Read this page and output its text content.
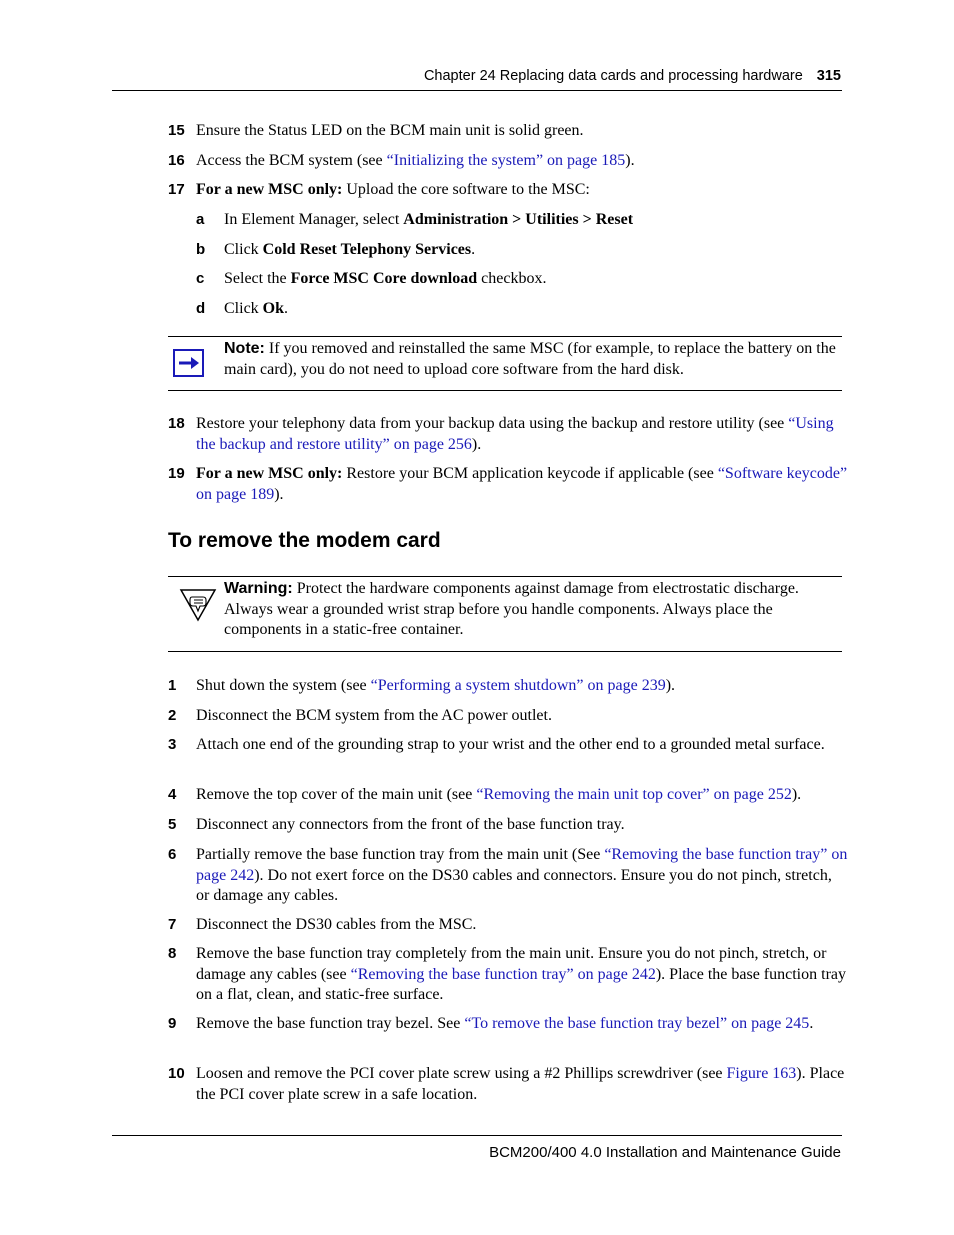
Chapter 24 Replacing data cards and processing hardware 315
15 Ensure the Status LED on the BCM main unit is solid green.
16 Access the BCM system (see “Initializing the system” on page 185).
17 For a new MSC only: Upload the core software to the MSC:
a In Element Manager, select Administration > Utilities > Reset
b Click Cold Reset Telephony Services.
c Select the Force MSC Core download checkbox.
d Click Ok.
Note: If you removed and reinstalled the same MSC (for example, to replace the battery on the main card), you do not need to upload core software from the hard disk.
18 Restore your telephony data from your backup data using the backup and restore utility (see “Using the backup and restore utility” on page 256).
19 For a new MSC only: Restore your BCM application keycode if applicable (see “Software keycode” on page 189).
To remove the modem card
Warning: Protect the hardware components against damage from electrostatic discharge. Always wear a grounded wrist strap before you handle components. Always place the components in a static-free container.
1 Shut down the system (see “Performing a system shutdown” on page 239).
2 Disconnect the BCM system from the AC power outlet.
3 Attach one end of the grounding strap to your wrist and the other end to a grounded metal surface.
4 Remove the top cover of the main unit (see “Removing the main unit top cover” on page 252).
5 Disconnect any connectors from the front of the base function tray.
6 Partially remove the base function tray from the main unit (See “Removing the base function tray” on page 242). Do not exert force on the DS30 cables and connectors. Ensure you do not pinch, stretch, or damage any cables.
7 Disconnect the DS30 cables from the MSC.
8 Remove the base function tray completely from the main unit. Ensure you do not pinch, stretch, or damage any cables (see “Removing the base function tray” on page 242). Place the base function tray on a flat, clean, and static-free surface.
9 Remove the base function tray bezel. See “To remove the base function tray bezel” on page 245.
10 Loosen and remove the PCI cover plate screw using a #2 Phillips screwdriver (see Figure 163). Place the PCI cover plate screw in a safe location.
BCM200/400 4.0 Installation and Maintenance Guide
